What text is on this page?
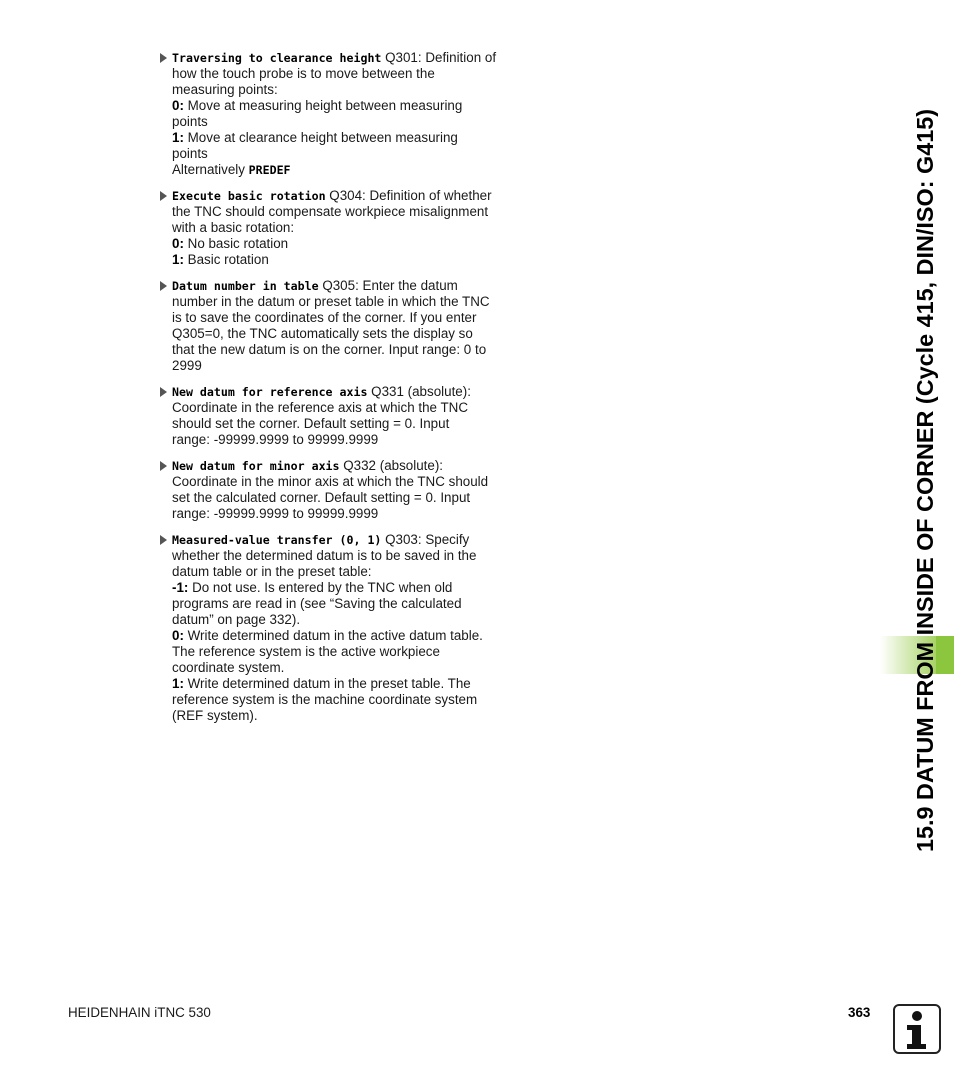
Traversing to clearance height Q301: Definition of
how the touch probe is to move between the
measuring points:
0: Move at measuring height between measuring
points
1: Move at clearance height between measuring
points
Alternatively PREDEF
Execute basic rotation Q304: Definition of whether
the TNC should compensate workpiece misalignment
with a basic rotation:
0: No basic rotation
1: Basic rotation
Datum number in table Q305: Enter the datum
number in the datum or preset table in which the TNC
is to save the coordinates of the corner. If you enter
Q305=0, the TNC automatically sets the display so
that the new datum is on the corner. Input range: 0 to
2999
New datum for reference axis Q331 (absolute):
Coordinate in the reference axis at which the TNC
should set the corner. Default setting = 0. Input
range: -99999.9999 to 99999.9999
New datum for minor axis Q332 (absolute):
Coordinate in the minor axis at which the TNC should
set the calculated corner. Default setting = 0. Input
range: -99999.9999 to 99999.9999
Measured-value transfer (0, 1) Q303: Specify
whether the determined datum is to be saved in the
datum table or in the preset table:
-1: Do not use. Is entered by the TNC when old
programs are read in (see “Saving the calculated
datum” on page 332).
0: Write determined datum in the active datum table.
The reference system is the active workpiece
coordinate system.
1: Write determined datum in the preset table. The
reference system is the machine coordinate system
(REF system).	15.9 DATUM FROM INSIDE OF CORNER (Cycle 415, DIN/ISO: G415)
HEIDENHAIN iTNC 530	363
